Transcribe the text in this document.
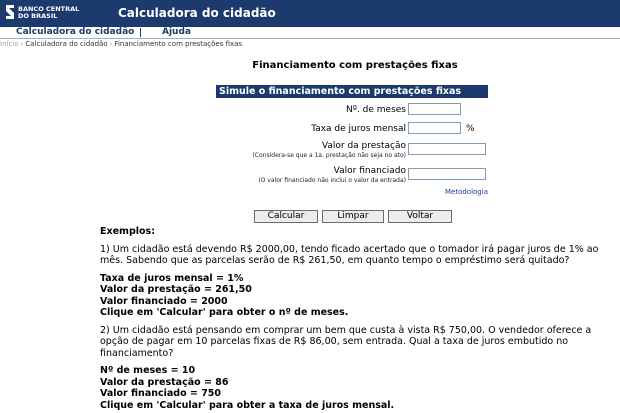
BANCO CENTRAL
DO BRASIL	Calculadora do cidadão
Calculadora do cidadão	Ajuda
Início › Calculadora do cidadão › Financiamento com prestações fixas
Financiamento com prestações fixas
Simule o financiamento com prestações fixas
Nº. de meses
Taxa de juros mensal	%
Valor da prestação
(Considera-se que a 1a. prestação não seja no ato)
Valor financiado
(O valor financiado não inclui o valor da entrada)
Metodologia
Calcular	Limpar	Voltar

Exemplos:

1) Um cidadão está devendo R$ 2000,00, tendo ficado acertado que o tomador irá pagar juros de 1% ao mês. Sabendo que as parcelas serão de R$ 261,50, em quanto tempo o empréstimo será quitado?

Taxa de juros mensal = 1%

Valor da prestação = 261,50

Valor financiado = 2000

Clique em 'Calcular' para obter o nº de meses.

2) Um cidadão está pensando em comprar um bem que custa à vista R$ 750,00. O vendedor oferece a opção de pagar em 10 parcelas fixas de R$ 86,00, sem entrada. Qual a taxa de juros embutido no financiamento?

Nº de meses = 10

Valor da prestação = 86

Valor financiado = 750

Clique em 'Calcular' para obter a taxa de juros mensal.
